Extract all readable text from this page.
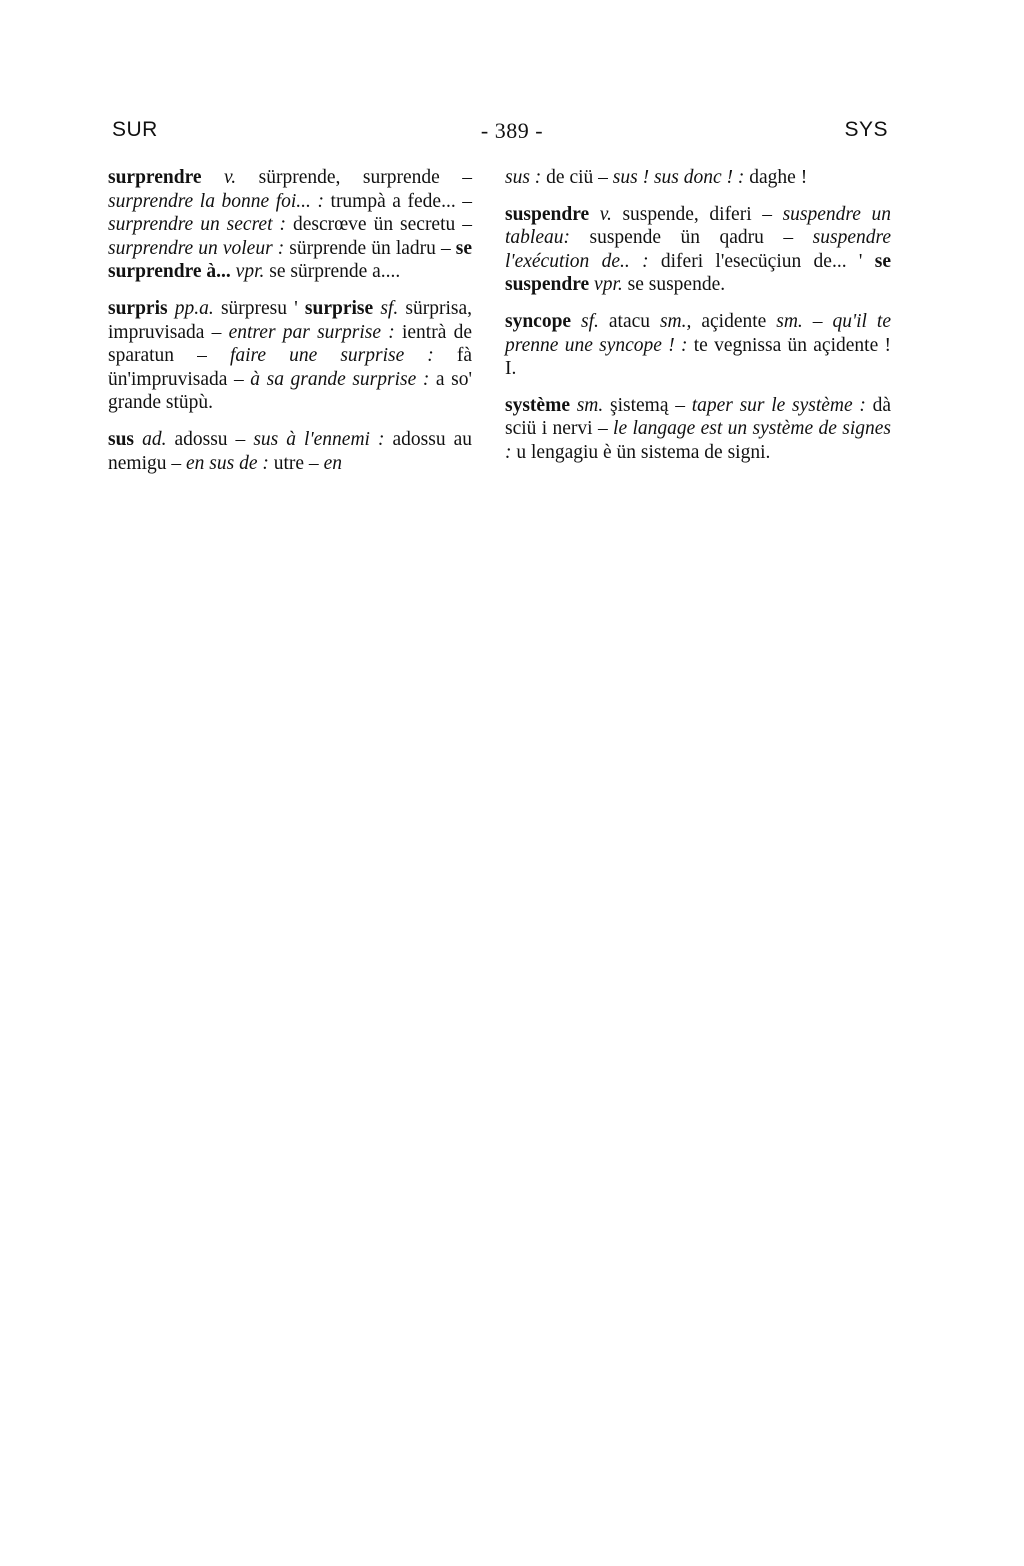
SUR	- 389 -	SYS

surprendre v. sürprende, surprende – surprendre la bonne foi... : trumpà a fede... – surprendre un secret : descrœve ün secretu – surprendre un voleur : sürprende ün ladru – se surprendre à... vpr. se sürprende a....

surpris pp.a. sürpresu ' surprise sf. sürprisa, impruvisada – entrer par surprise : ientrà de sparatun – faire une surprise : fà ün'impruvisada – à sa grande surprise : a so' grande stüpù.

sus ad. adossu – sus à l'ennemi : adossu au nemigu – en sus de : utre – en

sus : de ciü – sus ! sus donc ! : daghe !

suspendre v. suspende, diferi – suspendre un tableau: suspende ün qadru – suspendre l'exécution de.. : diferi l'esecüçiun de... ' se suspendre vpr. se suspende.

syncope sf. atacu sm., açidente sm. – qu'il te prenne une syncope ! : te vegnissa ün açidente ! I.

système sm. şistemą – taper sur le système : dà sciü i nervi – le langage est un système de signes : u lengagiu è ün sistema de signi.
